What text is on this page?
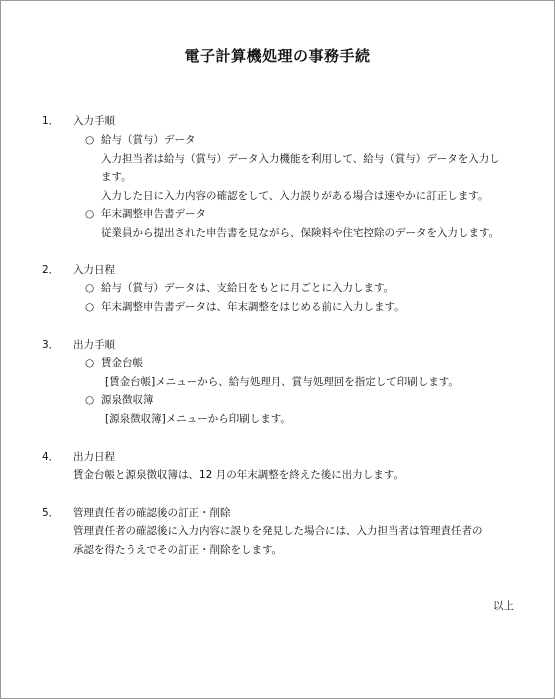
電子計算機処理の事務手続
1． 入力手順
○ 給与（賞与）データ
入力担当者は給与（賞与）データ入力機能を利用して、給与（賞与）データを入力し
ます。
入力した日に入力内容の確認をして、入力誤りがある場合は速やかに訂正します。
○ 年末調整申告書データ
従業員から提出された申告書を見ながら、保険料や住宅控除のデータを入力します。
2． 入力日程
○ 給与（賞与）データは、支給日をもとに月ごとに入力します。
○ 年末調整申告書データは、年末調整をはじめる前に入力します。
3． 出力手順
○ 賃金台帳
[賃金台帳]メニューから、給与処理月、賞与処理回を指定して印刷します。
○ 源泉徴収簿
[源泉徴収簿]メニューから印刷します。
4． 出力日程
賃金台帳と源泉徴収簿は、12 月の年末調整を終えた後に出力します。
5． 管理責任者の確認後の訂正・削除
管理責任者の確認後に入力内容に誤りを発見した場合には、入力担当者は管理責任者の
承認を得たうえでその訂正・削除をします。
以上
